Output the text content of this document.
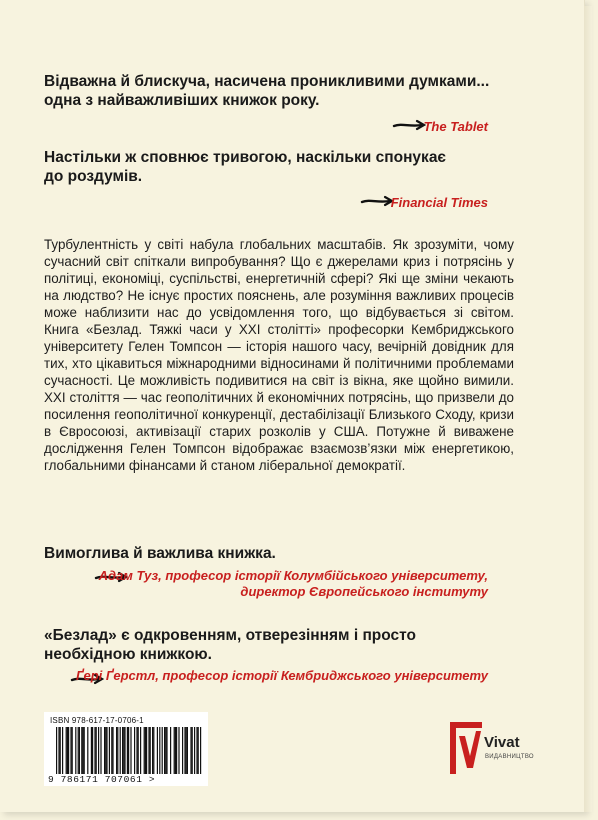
Відважна й блискуча, насичена проникливими думками...
одна з найважливіших книжок року.
The Tablet
Настільки ж сповнює тривогою, наскільки спонукає
до роздумів.
Financial Times
Турбулентність у світі набула глобальних масштабів. Як зрозуміти, чому сучасний світ спіткали випробування? Що є джерелами криз і потрясінь у політиці, економіці, суспільстві, енергетичній сфері? Які ще зміни чекають на людство? Не існує простих пояснень, але розуміння важливих процесів може наблизити нас до усвідомлення того, що відбувається зі світом. Книга «Безлад. Тяжкі часи у ХХІ столітті» професорки Кембриджського університету Гелен Томпсон — історія нашого часу, вечірній довідник для тих, хто цікавиться міжнародними відносинами й політичними проблемами сучасності. Це можливість подивитися на світ із вікна, яке щойно вимили. ХХІ століття — час геополітичних й економічних потрясінь, що призвели до посилення геополітичної конкуренції, дестабілізації Близького Сходу, кризи в Євросоюзі, активізації старих розколів у США. Потужне й виважене дослідження Гелен Томпсон відображає взаємозв’язки між енергетикою, глобальними фінансами й станом ліберальної демократії.
Вимоглива й важлива книжка.
Адам Туз, професор історії Колумбійського університету,
директор Європейського інституту
«Безлад» є одкровенням, отверезінням і просто
необхідною книжкою.
Ґері Ґерстл, професор історії Кембриджського університету
ISBN 978-617-17-0706-1
9 786171 707061 >
Vivat
ВИДАВНИЦТВО
